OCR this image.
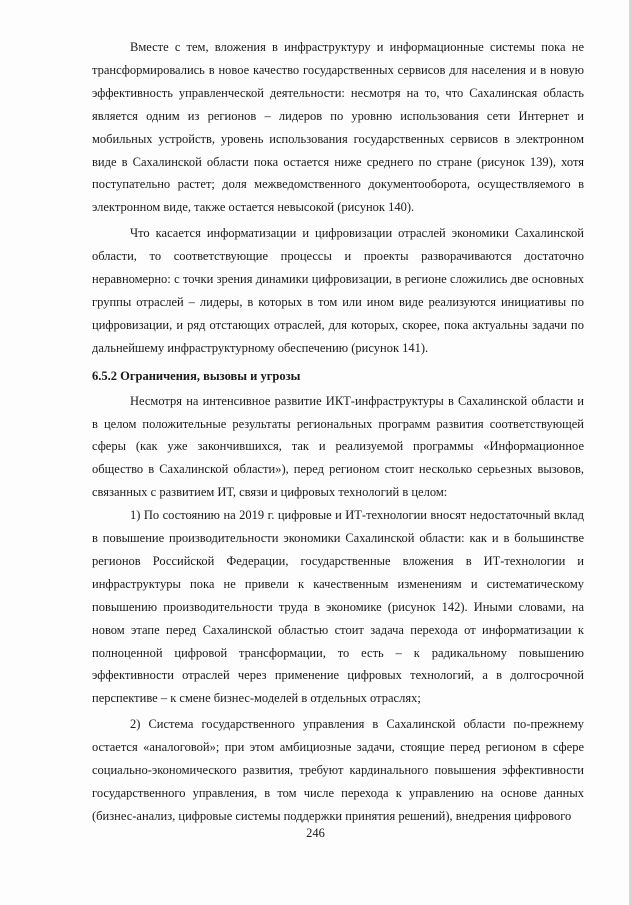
Вместе с тем, вложения в инфраструктуру и информационные системы пока не трансформировались в новое качество государственных сервисов для населения и в новую эффективность управленческой деятельности: несмотря на то, что Сахалинская область является одним из регионов – лидеров по уровню использования сети Интернет и мобильных устройств, уровень использования государственных сервисов в электронном виде в Сахалинской области пока остается ниже среднего по стране (рисунок 139), хотя поступательно растет; доля межведомственного документооборота, осуществляемого в электронном виде, также остается невысокой (рисунок 140).

Что касается информатизации и цифровизации отраслей экономики Сахалинской области, то соответствующие процессы и проекты разворачиваются достаточно неравномерно: с точки зрения динамики цифровизации, в регионе сложились две основных группы отраслей – лидеры, в которых в том или ином виде реализуются инициативы по цифровизации, и ряд отстающих отраслей, для которых, скорее, пока актуальны задачи по дальнейшему инфраструктурному обеспечению (рисунок 141).

6.5.2 Ограничения, вызовы и угрозы

Несмотря на интенсивное развитие ИКТ-инфраструктуры в Сахалинской области и в целом положительные результаты региональных программ развития соответствующей сферы (как уже закончившихся, так и реализуемой программы «Информационное общество в Сахалинской области»), перед регионом стоит несколько серьезных вызовов, связанных с развитием ИТ, связи и цифровых технологий в целом:

1) По состоянию на 2019 г. цифровые и ИТ-технологии вносят недостаточный вклад в повышение производительности экономики Сахалинской области: как и в большинстве регионов Российской Федерации, государственные вложения в ИТ-технологии и инфраструктуры пока не привели к качественным изменениям и систематическому повышению производительности труда в экономике (рисунок 142). Иными словами, на новом этапе перед Сахалинской областью стоит задача перехода от информатизации к полноценной цифровой трансформации, то есть – к радикальному повышению эффективности отраслей через применение цифровых технологий, а в долгосрочной перспективе – к смене бизнес-моделей в отдельных отраслях;

2) Система государственного управления в Сахалинской области по-прежнему остается «аналоговой»; при этом амбициозные задачи, стоящие перед регионом в сфере социально-экономического развития, требуют кардинального повышения эффективности государственного управления, в том числе перехода к управлению на основе данных (бизнес-анализ, цифровые системы поддержки принятия решений), внедрения цифрового

246
